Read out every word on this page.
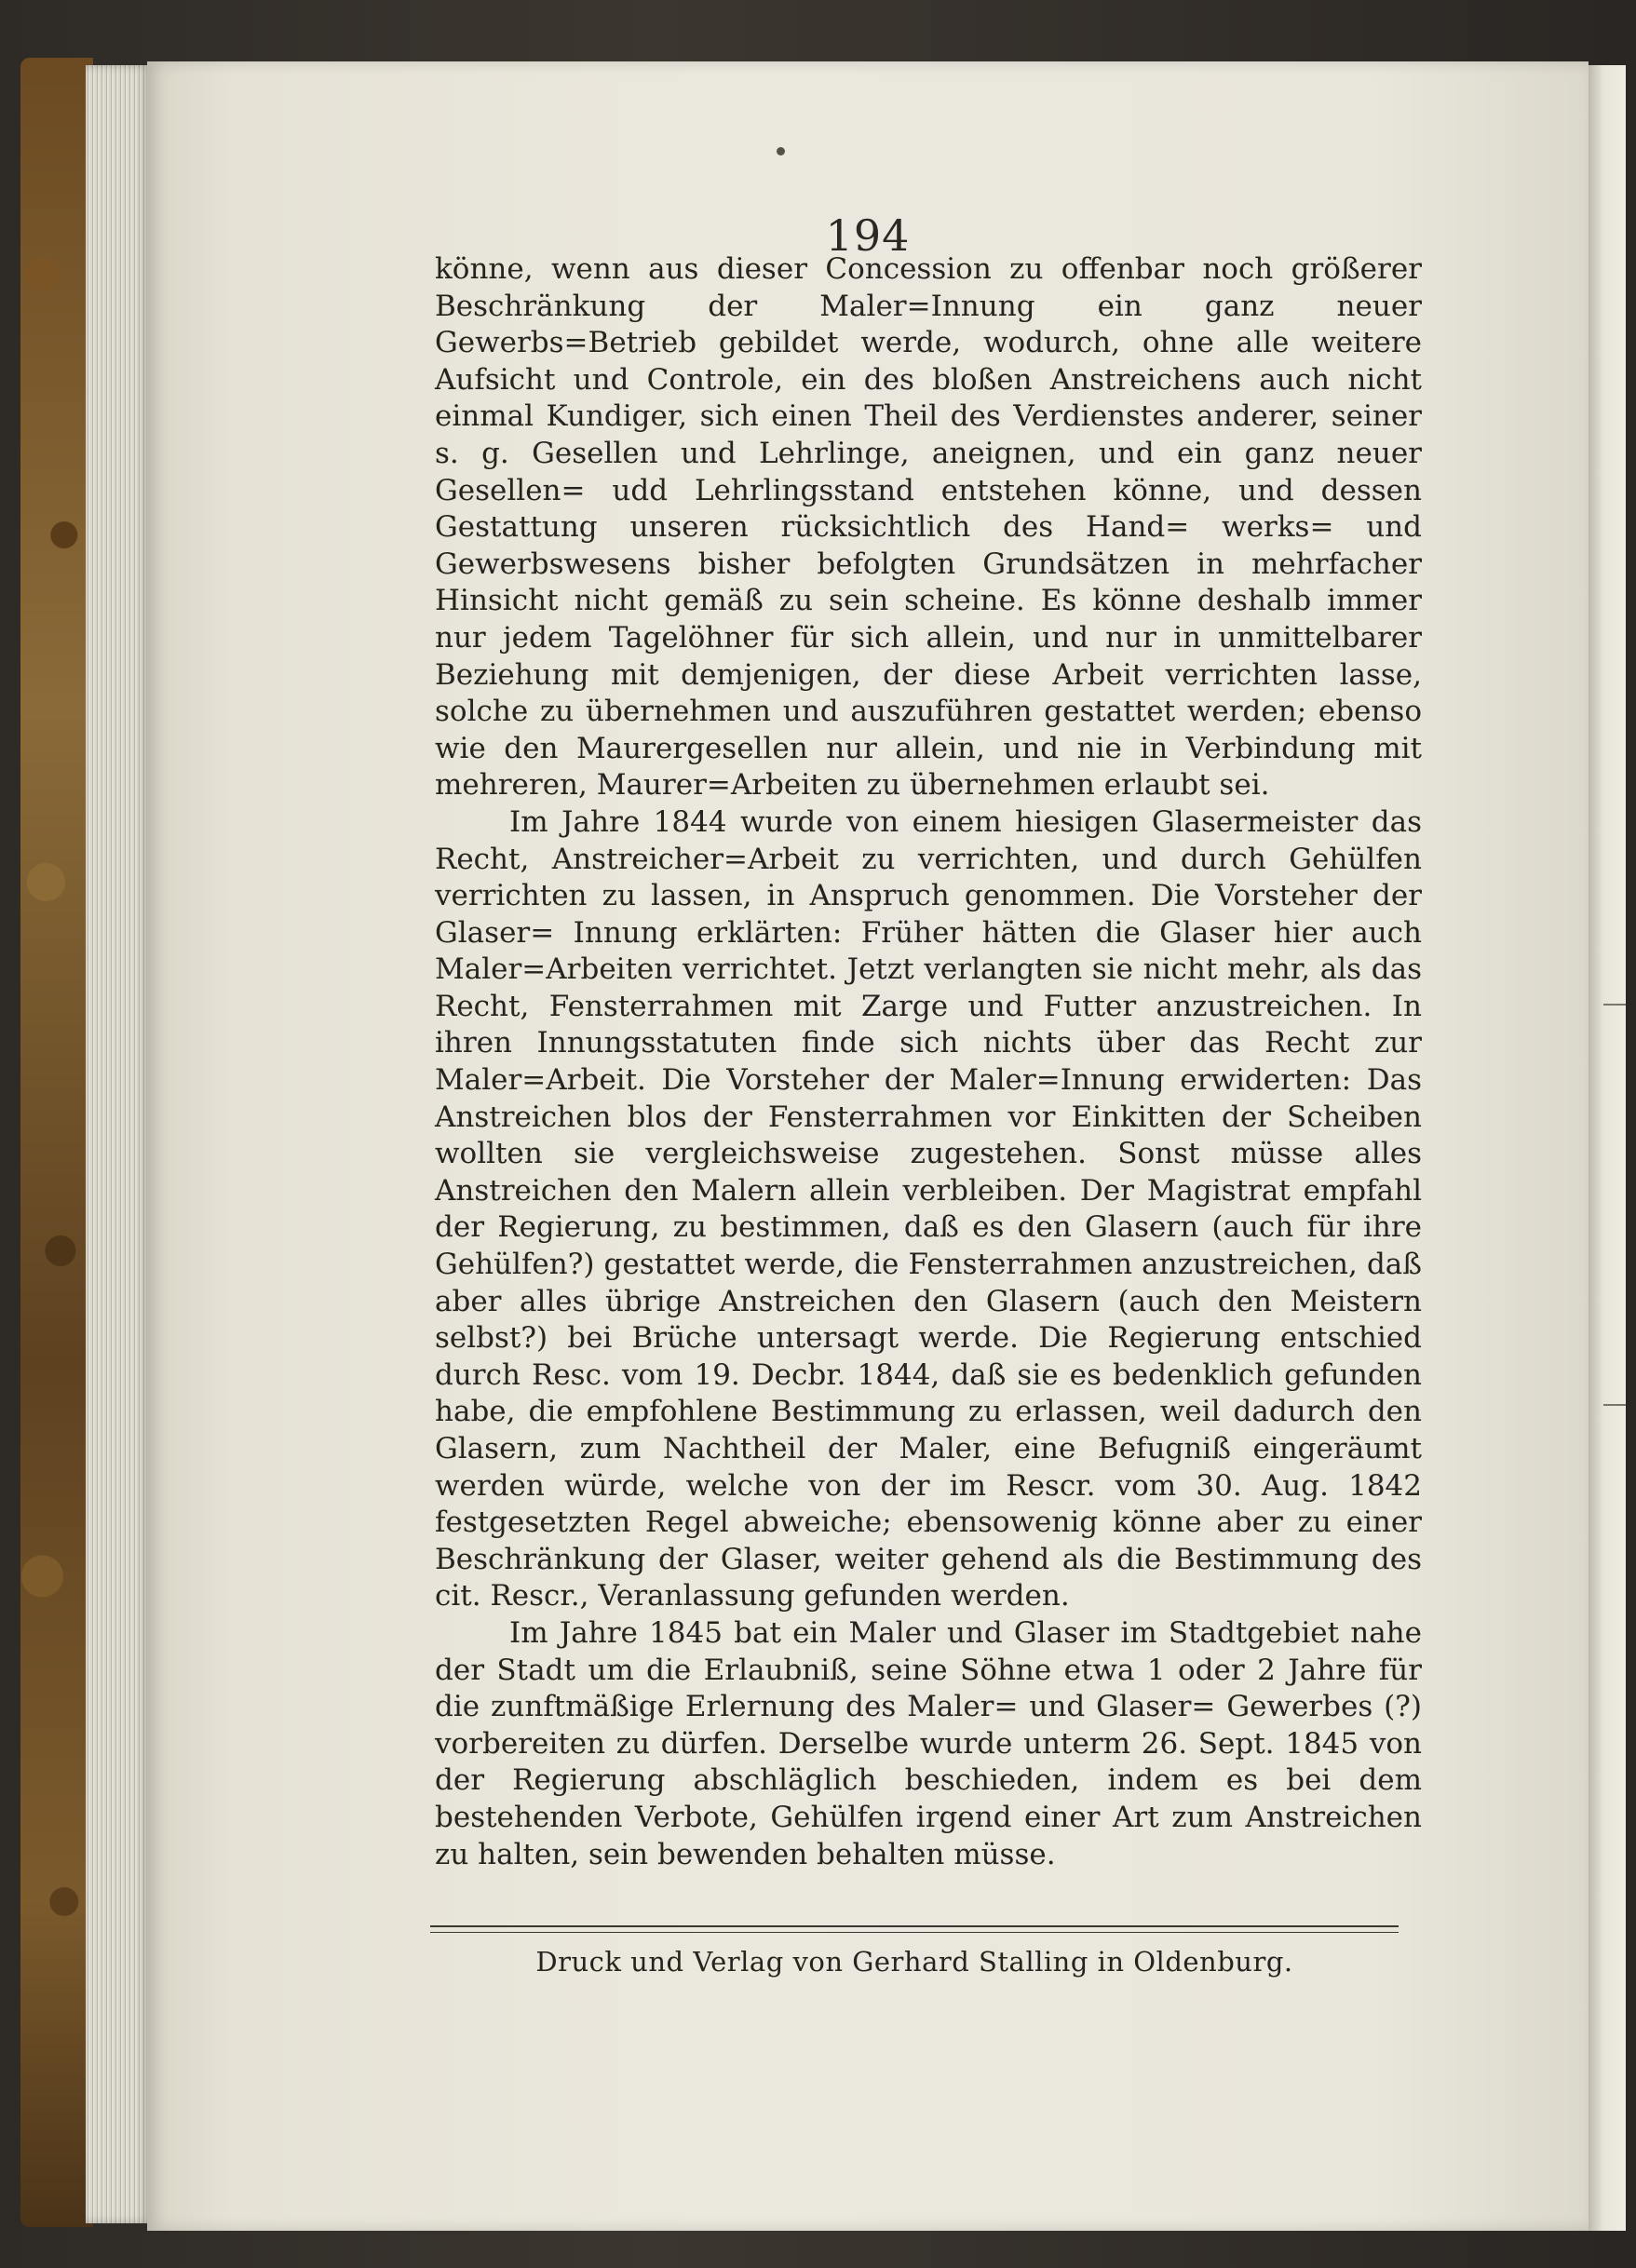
194

könne, wenn aus dieser Concession zu offenbar noch größerer Beschränkung der Maler=Innung ein ganz neuer Gewerbs=Betrieb gebildet werde, wodurch, ohne alle weitere Aufsicht und Controle, ein des bloßen Anstreichens auch nicht einmal Kundiger, sich einen Theil des Verdienstes anderer, seiner s. g. Gesellen und Lehrlinge, aneignen, und ein ganz neuer Gesellen= udd Lehrlingsstand entstehen könne, und dessen Gestattung unseren rücksichtlich des Hand= werks= und Gewerbswesens bisher befolgten Grundsätzen in mehrfacher Hinsicht nicht gemäß zu sein scheine. Es könne deshalb immer nur jedem Tagelöhner für sich allein, und nur in unmittelbarer Beziehung mit demjenigen, der diese Arbeit verrichten lasse, solche zu übernehmen und auszuführen gestattet werden; ebenso wie den Maurergesellen nur allein, und nie in Verbindung mit mehreren, Maurer=Arbeiten zu übernehmen erlaubt sei.

Im Jahre 1844 wurde von einem hiesigen Glasermeister das Recht, Anstreicher=Arbeit zu verrichten, und durch Gehülfen verrichten zu lassen, in Anspruch genommen. Die Vorsteher der Glaser= Innung erklärten: Früher hätten die Glaser hier auch Maler=Arbeiten verrichtet. Jetzt verlangten sie nicht mehr, als das Recht, Fensterrahmen mit Zarge und Futter anzustreichen. In ihren Innungsstatuten finde sich nichts über das Recht zur Maler=Arbeit. Die Vorsteher der Maler=Innung erwiderten: Das Anstreichen blos der Fensterrahmen vor Einkitten der Scheiben wollten sie vergleichsweise zugestehen. Sonst müsse alles Anstreichen den Malern allein verbleiben. Der Magistrat empfahl der Regierung, zu bestimmen, daß es den Glasern (auch für ihre Gehülfen?) gestattet werde, die Fensterrahmen anzustreichen, daß aber alles übrige Anstreichen den Glasern (auch den Meistern selbst?) bei Brüche untersagt werde. Die Regierung entschied durch Resc. vom 19. Decbr. 1844, daß sie es bedenklich gefunden habe, die empfohlene Bestimmung zu erlassen, weil dadurch den Glasern, zum Nachtheil der Maler, eine Befugniß eingeräumt werden würde, welche von der im Rescr. vom 30. Aug. 1842 festgesetzten Regel abweiche; ebensowenig könne aber zu einer Beschränkung der Glaser, weiter gehend als die Bestimmung des cit. Rescr., Veranlassung gefunden werden.

Im Jahre 1845 bat ein Maler und Glaser im Stadtgebiet nahe der Stadt um die Erlaubniß, seine Söhne etwa 1 oder 2 Jahre für die zunftmäßige Erlernung des Maler= und Glaser= Gewerbes (?) vorbereiten zu dürfen. Derselbe wurde unterm 26. Sept. 1845 von der Regierung abschläglich beschieden, indem es bei dem bestehenden Verbote, Gehülfen irgend einer Art zum Anstreichen zu halten, sein bewenden behalten müsse.

Druck und Verlag von Gerhard Stalling in Oldenburg.
